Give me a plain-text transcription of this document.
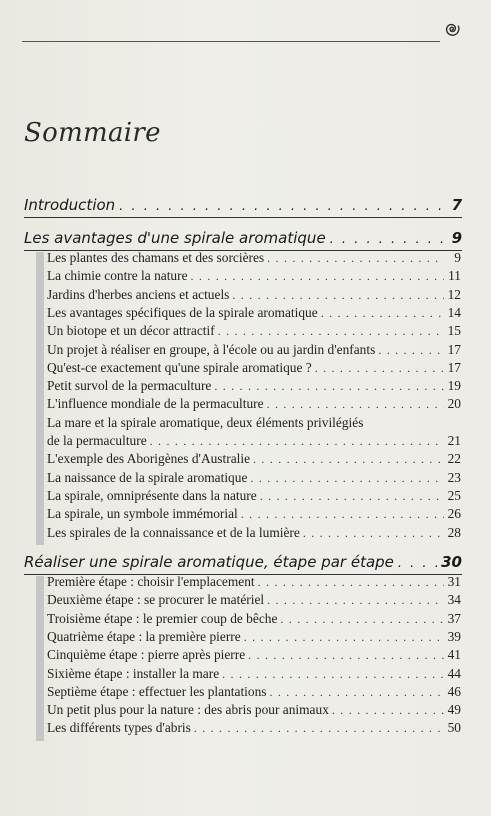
Sommaire
Introduction . . .	7
Les avantages d'une spirale aromatique . . .	9
Les plantes des chamans et des sorcières . . .	9
La chimie contre la nature . . .	11
Jardins d'herbes anciens et actuels . . .	12
Les avantages spécifiques de la spirale aromatique . . .	14
Un biotope et un décor attractif . . .	15
Un projet à réaliser en groupe, à l'école ou au jardin d'enfants . . .	17
Qu'est-ce exactement qu'une spirale aromatique ? . . .	17
Petit survol de la permaculture . . .	19
L'influence mondiale de la permaculture . . .	20
La mare et la spirale aromatique, deux éléments privilégiés
de la permaculture . . .	21
L'exemple des Aborigènes d'Australie . . .	22
La naissance de la spirale aromatique . . .	23
La spirale, omniprésente dans la nature . . .	25
La spirale, un symbole immémorial . . .	26
Les spirales de la connaissance et de la lumière . . .	28
Réaliser une spirale aromatique, étape par étape . . .	30
Première étape : choisir l'emplacement . . .	31
Deuxième étape : se procurer le matériel . . .	34
Troisième étape : le premier coup de bêche . . .	37
Quatrième étape : la première pierre . . .	39
Cinquième étape : pierre après pierre . . .	41
Sixième étape : installer la mare . . .	44
Septième étape : effectuer les plantations . . .	46
Un petit plus pour la nature : des abris pour animaux . . .	49
Les différents types d'abris . . .	50
